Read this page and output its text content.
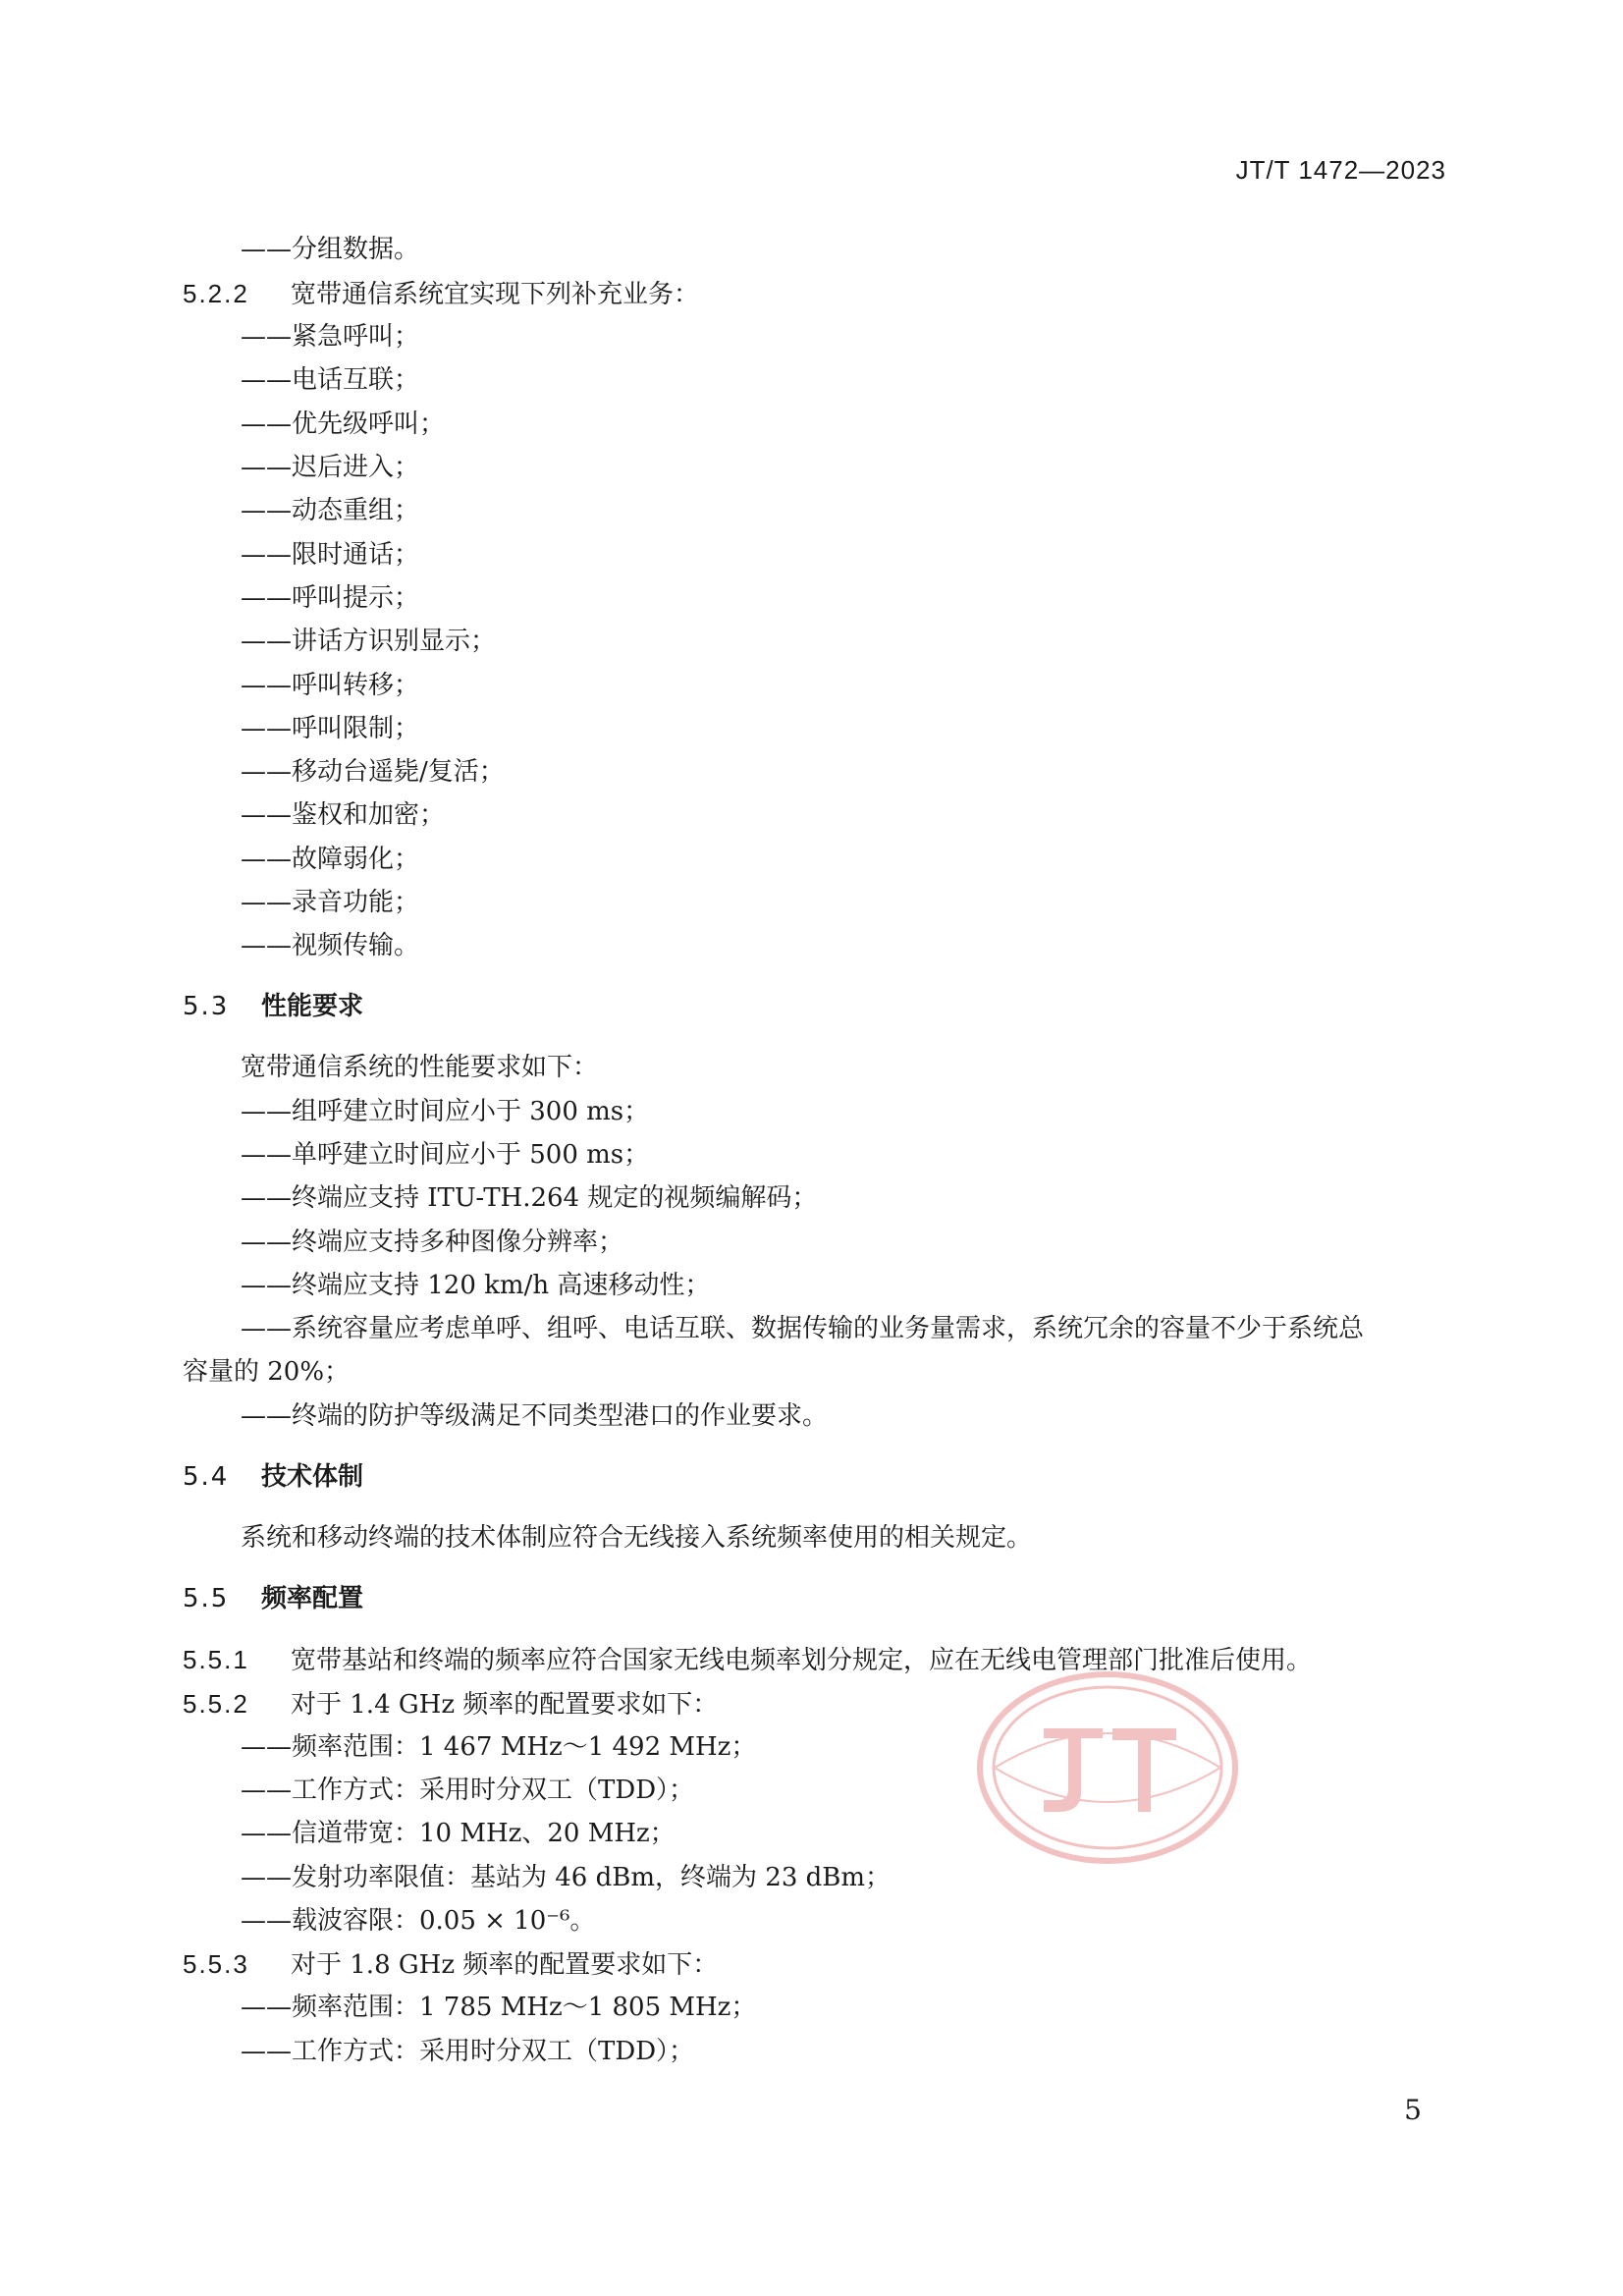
JT/T 1472—2023
——分组数据。
5.2.2 宽带通信系统宜实现下列补充业务：
——紧急呼叫；
——电话互联；
——优先级呼叫；
——迟后进入；
——动态重组；
——限时通话；
——呼叫提示；
——讲话方识别显示；
——呼叫转移；
——呼叫限制；
——移动台遥毙/复活；
——鉴权和加密；
——故障弱化；
——录音功能；
——视频传输。
5.3 性能要求
宽带通信系统的性能要求如下：
——组呼建立时间应小于 300 ms；
——单呼建立时间应小于 500 ms；
——终端应支持 ITU-TH.264 规定的视频编解码；
——终端应支持多种图像分辨率；
——终端应支持 120 km/h 高速移动性；
——系统容量应考虑单呼、组呼、电话互联、数据传输的业务量需求，系统冗余的容量不少于系统总
容量的 20%；
——终端的防护等级满足不同类型港口的作业要求。
5.4 技术体制
系统和移动终端的技术体制应符合无线接入系统频率使用的相关规定。
5.5 频率配置
5.5.1 宽带基站和终端的频率应符合国家无线电频率划分规定，应在无线电管理部门批准后使用。
5.5.2 对于 1.4 GHz 频率的配置要求如下：
——频率范围：1 467 MHz～1 492 MHz；
——工作方式：采用时分双工（TDD）；
——信道带宽：10 MHz、20 MHz；
——发射功率限值：基站为 46 dBm，终端为 23 dBm；
——载波容限：0.05 × 10⁻⁶。
5.5.3 对于 1.8 GHz 频率的配置要求如下：
——频率范围：1 785 MHz～1 805 MHz；
——工作方式：采用时分双工（TDD）；
5
